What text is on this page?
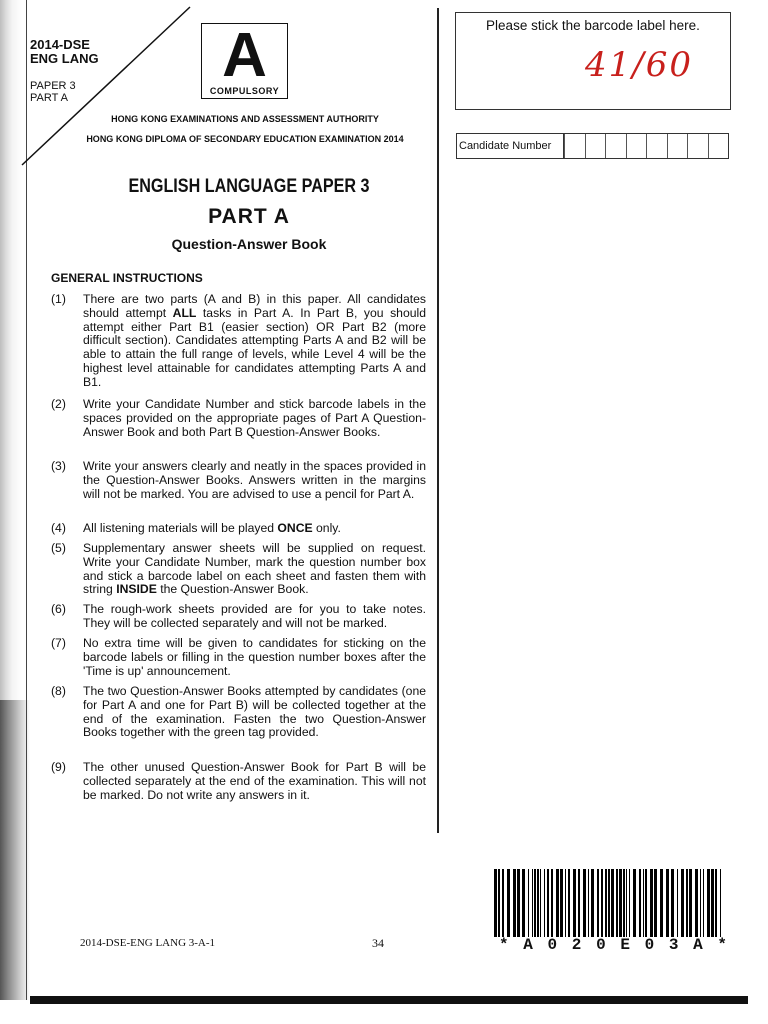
2014-DSE
ENG LANG
PAPER 3
PART A
A
COMPULSORY
HONG KONG EXAMINATIONS AND ASSESSMENT AUTHORITY
HONG KONG DIPLOMA OF SECONDARY EDUCATION EXAMINATION 2014
Please stick the barcode label here.
41/60
Candidate Number
ENGLISH LANGUAGE PAPER 3
PART A
Question-Answer Book
GENERAL INSTRUCTIONS
(1)	There are two parts (A and B) in this paper. All candidates should attempt ALL tasks in Part A. In Part B, you should attempt either Part B1 (easier section) OR Part B2 (more difficult section). Candidates attempting Parts A and B2 will be able to attain the full range of levels, while Level 4 will be the highest level attainable for candidates attempting Parts A and B1.
(2)	Write your Candidate Number and stick barcode labels in the spaces provided on the appropriate pages of Part A Question-Answer Book and both Part B Question-Answer Books.
(3)	Write your answers clearly and neatly in the spaces provided in the Question-Answer Books. Answers written in the margins will not be marked. You are advised to use a pencil for Part A.
(4)	All listening materials will be played ONCE only.
(5)	Supplementary answer sheets will be supplied on request. Write your Candidate Number, mark the question number box and stick a barcode label on each sheet and fasten them with string INSIDE the Question-Answer Book.
(6)	The rough-work sheets provided are for you to take notes. They will be collected separately and will not be marked.
(7)	No extra time will be given to candidates for sticking on the barcode labels or filling in the question number boxes after the 'Time is up' announcement.
(8)	The two Question-Answer Books attempted by candidates (one for Part A and one for Part B) will be collected together at the end of the examination. Fasten the two Question-Answer Books together with the green tag provided.
(9)	The other unused Question-Answer Book for Part B will be collected separately at the end of the examination. This will not be marked. Do not write any answers in it.
2014-DSE-ENG LANG 3-A-1	34	* A 0 2 0 E 0 3 A *
